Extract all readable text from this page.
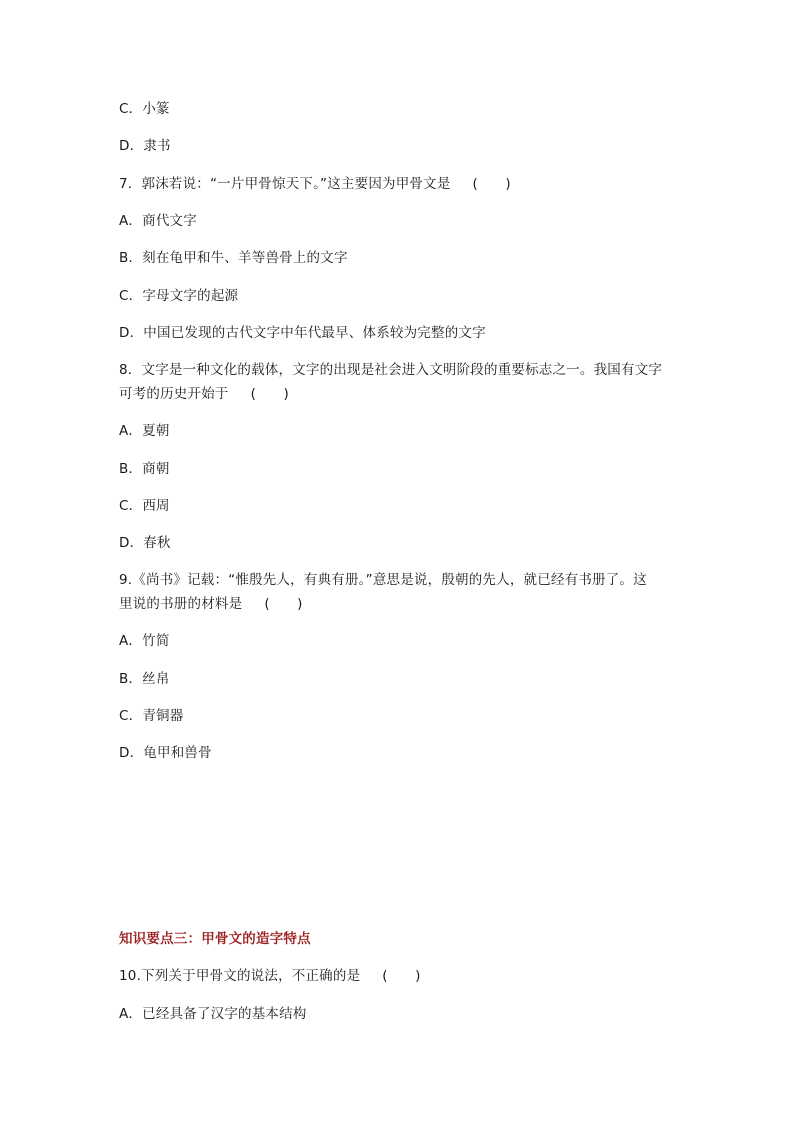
C．小篆
D．隶书
7．郭沫若说：“一片甲骨惊天下。”这主要因为甲骨文是 (　　)
A．商代文字
B．刻在龟甲和牛、羊等兽骨上的文字
C．字母文字的起源
D．中国已发现的古代文字中年代最早、体系较为完整的文字
8．文字是一种文化的载体，文字的出现是社会进入文明阶段的重要标志之一。我国有文字
可考的历史开始于 (　　)
A．夏朝
B．商朝
C．西周
D．春秋
9.《尚书》记载：“惟殷先人，有典有册。”意思是说，殷朝的先人，就已经有书册了。这
里说的书册的材料是 (　　)
A．竹简
B．丝帛
C．青铜器
D．龟甲和兽骨
知识要点三：甲骨文的造字特点
10.下列关于甲骨文的说法，不正确的是 (　　)
A．已经具备了汉字的基本结构
